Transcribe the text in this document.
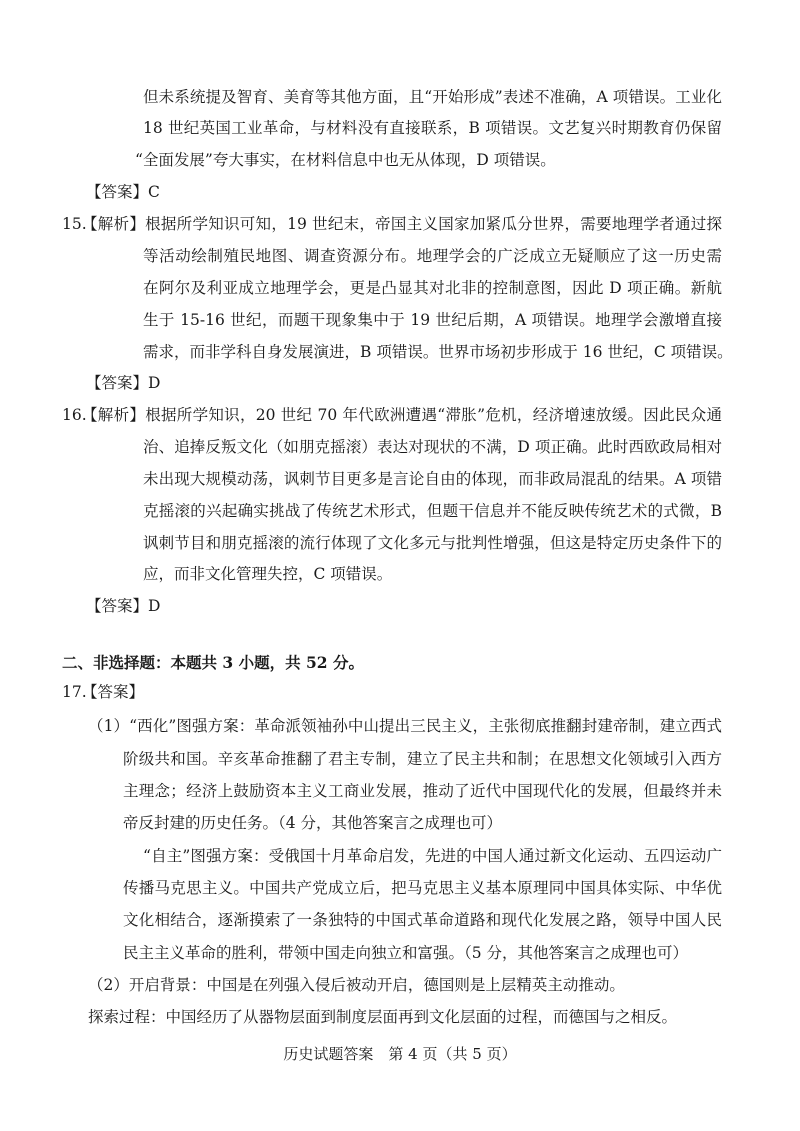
但未系统提及智育、美育等其他方面，且“开始形成”表述不准确，A 项错误。工业化
18 世纪英国工业革命，与材料没有直接联系，B 项错误。文艺复兴时期教育仍保留
“全面发展”夸大事实，在材料信息中也无从体现，D 项错误。
【答案】C
15.
【解析】根据所学知识可知，19 世纪末，帝国主义国家加紧瓜分世界，需要地理学者通过探
等活动绘制殖民地图、调查资源分布。地理学会的广泛成立无疑顺应了这一历史需
在阿尔及利亚成立地理学会，更是凸显其对北非的控制意图，因此 D 项正确。新航
生于 15-16 世纪，而题干现象集中于 19 世纪后期，A 项错误。地理学会激增直接
需求，而非学科自身发展演进，B 项错误。世界市场初步形成于 16 世纪，C 项错误。
【答案】D
16.
【解析】根据所学知识，20 世纪 70 年代欧洲遭遇“滞胀”危机，经济增速放缓。因此民众通
治、追捧反叛文化（如朋克摇滚）表达对现状的不满，D 项正确。此时西欧政局相对
未出现大规模动荡，讽刺节目更多是言论自由的体现，而非政局混乱的结果。A 项错
克摇滚的兴起确实挑战了传统艺术形式，但题干信息并不能反映传统艺术的式微，B
讽刺节目和朋克摇滚的流行体现了文化多元与批判性增强，但这是特定历史条件下的
应，而非文化管理失控，C 项错误。
【答案】D
二、非选择题：本题共 3 小题，共 52 分。
17.
【答案】
（1）“西化”图强方案：革命派领袖孙中山提出三民主义，主张彻底推翻封建帝制，建立西式
阶级共和国。辛亥革命推翻了君主专制，建立了民主共和制；在思想文化领域引入西方
主理念；经济上鼓励资本主义工商业发展，推动了近代中国现代化的发展，但最终并未
帝反封建的历史任务。（4 分，其他答案言之成理也可）
“自主”图强方案：受俄国十月革命启发，先进的中国人通过新文化运动、五四运动广
传播马克思主义。中国共产党成立后，把马克思主义基本原理同中国具体实际、中华优
文化相结合，逐渐摸索了一条独特的中国式革命道路和现代化发展之路，领导中国人民
民主主义革命的胜利，带领中国走向独立和富强。（5 分，其他答案言之成理也可）
（2）开启背景：中国是在列强入侵后被动开启，德国则是上层精英主动推动。
探索过程：中国经历了从器物层面到制度层面再到文化层面的过程，而德国与之相反。
历史试题答案　第 4 页（共 5 页）
